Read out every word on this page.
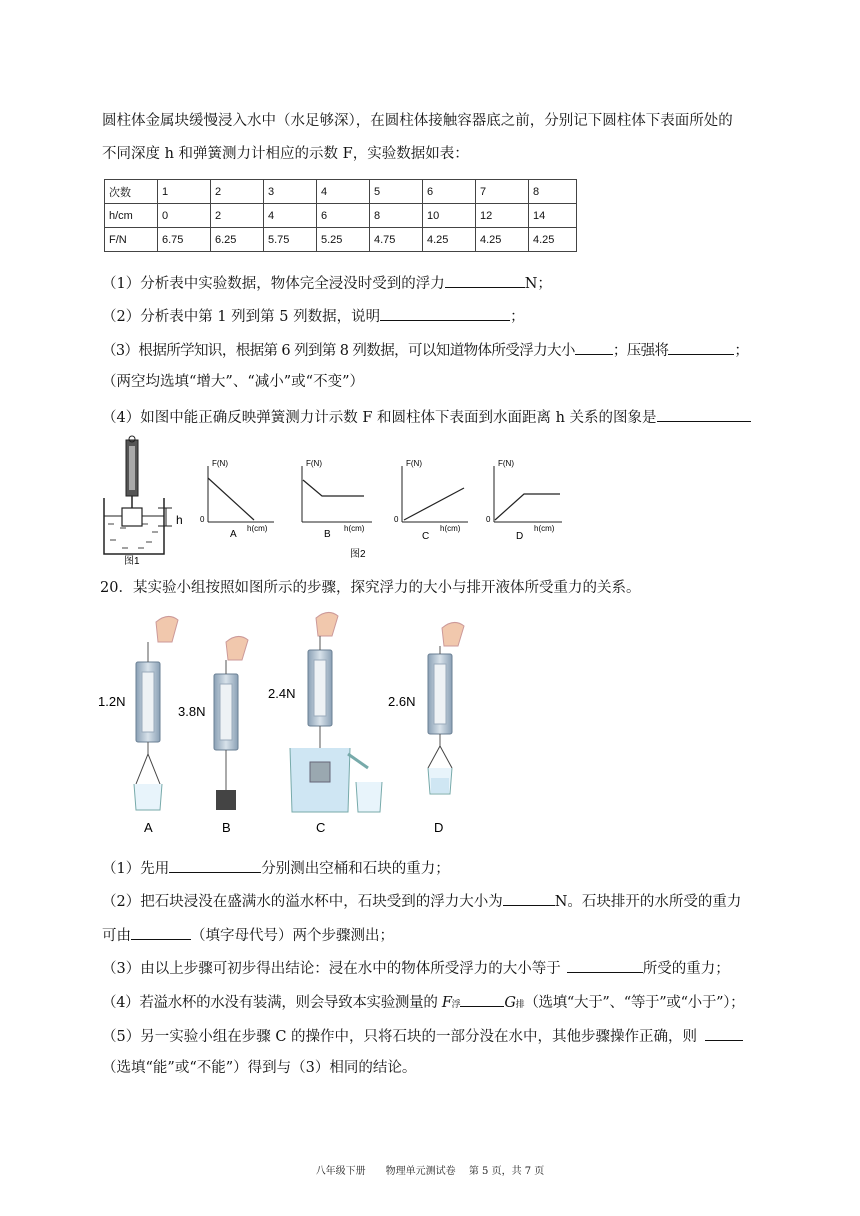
圆柱体金属块缓慢浸入水中（水足够深），在圆柱体接触容器底之前，分别记下圆柱体下表面所处的
不同深度 h 和弹簧测力计相应的示数 F，实验数据如表：
次数	1	2	3	4	5	6	7	8
h/cm	0	2	4	6	8	10	12	14
F/N	6.75	6.25	5.75	5.25	4.75	4.25	4.25	4.25
（1）分析表中实验数据，物体完全浸没时受到的浮力	N；
（2）分析表中第 1 列到第 5 列数据，说明	；
（3）根据所学知识，根据第 6 列到第 8 列数据，可以知道物体所受浮力大小	；压强将	；
（两空均选填“增大”、“减小”或“不变”）
（4）如图中能正确反映弹簧测力计示数 F 和圆柱体下表面到水面距离 h 关系的图象是
h
图1
F(N)
h(cm)
0
A
F(N)
h(cm)
B
F(N)
h(cm)
0
C
F(N)
h(cm)
0
D
图2
20．某实验小组按照如图所示的步骤，探究浮力的大小与排开液体所受重力的关系。
1.2N
A
3.8N
B
2.4N
C
2.6N
D
（1）先用	分别测出空桶和石块的重力；
（2）把石块浸没在盛满水的溢水杯中，石块受到的浮力大小为	N。石块排开的水所受的重力
可由	（填字母代号）两个步骤测出；
（3）由以上步骤可初步得出结论：浸在水中的物体所受浮力的大小等于	所受的重力；
（4）若溢水杯的水没有装满，则会导致本实验测量的 F浮	G排（选填“大于”、“等于”或“小于”）；
（5）另一实验小组在步骤 C 的操作中，只将石块的一部分没在水中，其他步骤操作正确，则
（选填“能”或“不能”）得到与（3）相同的结论。
八年级下册　　物理单元测试卷　 第 5 页，共 7 页
